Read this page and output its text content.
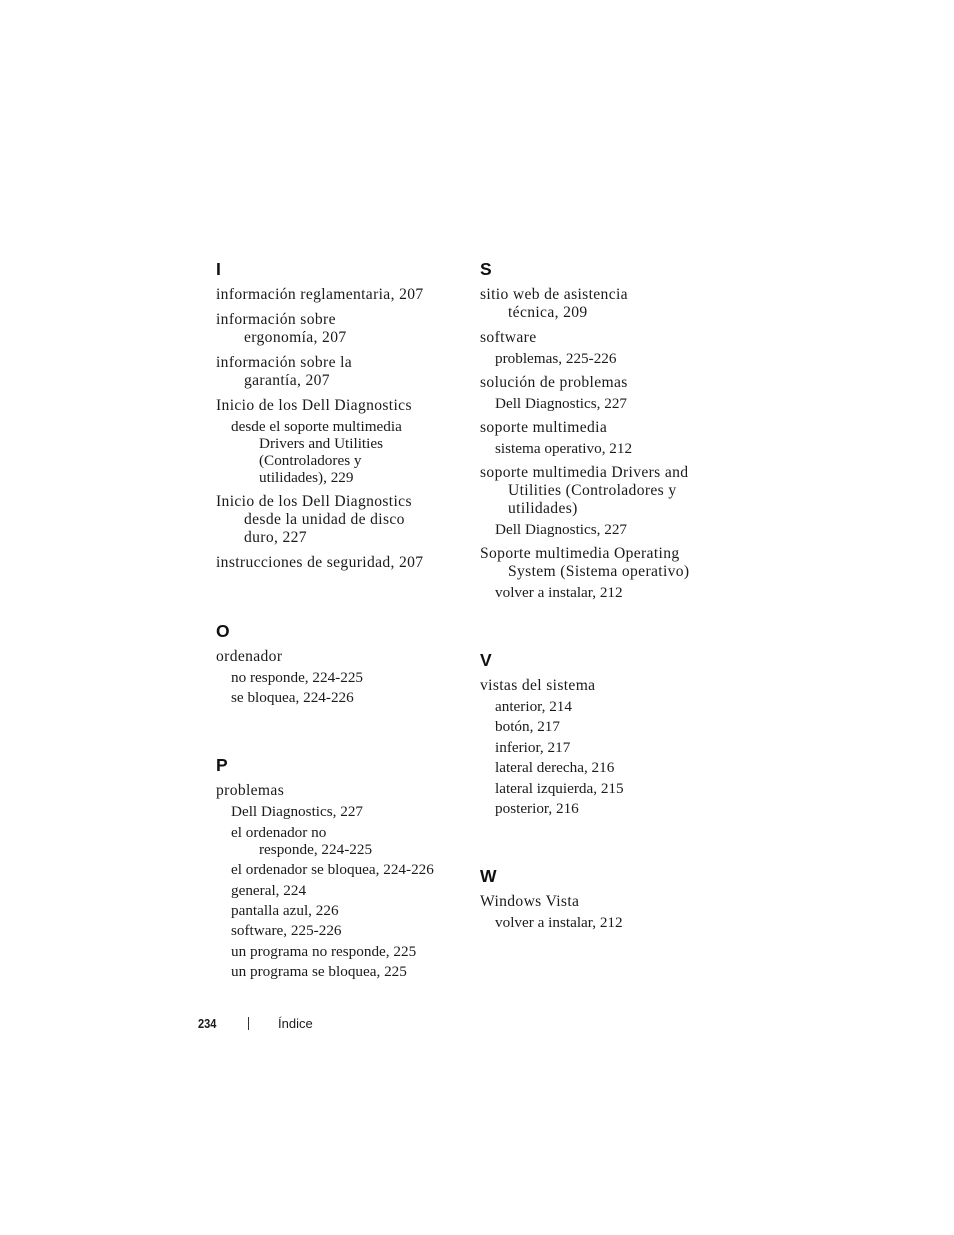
I
información reglamentaria, 207
información sobre
ergonomía, 207
información sobre la
garantía, 207
Inicio de los Dell Diagnostics
desde el soporte multimedia
Drivers and Utilities
(Controladores y
utilidades), 229
Inicio de los Dell Diagnostics
desde la unidad de disco
duro, 227
instrucciones de seguridad, 207
O
ordenador
no responde, 224-225
se bloquea, 224-226
P
problemas
Dell Diagnostics, 227
el ordenador no
responde, 224-225
el ordenador se bloquea, 224-226
general, 224
pantalla azul, 226
software, 225-226
un programa no responde, 225
un programa se bloquea, 225
S
sitio web de asistencia
técnica, 209
software
problemas, 225-226
solución de problemas
Dell Diagnostics, 227
soporte multimedia
sistema operativo, 212
soporte multimedia Drivers and
Utilities (Controladores y
utilidades)
Dell Diagnostics, 227
Soporte multimedia Operating
System (Sistema operativo)
volver a instalar, 212
V
vistas del sistema
anterior, 214
botón, 217
inferior, 217
lateral derecha, 216
lateral izquierda, 215
posterior, 216
W
Windows Vista
volver a instalar, 212
234	Índice
